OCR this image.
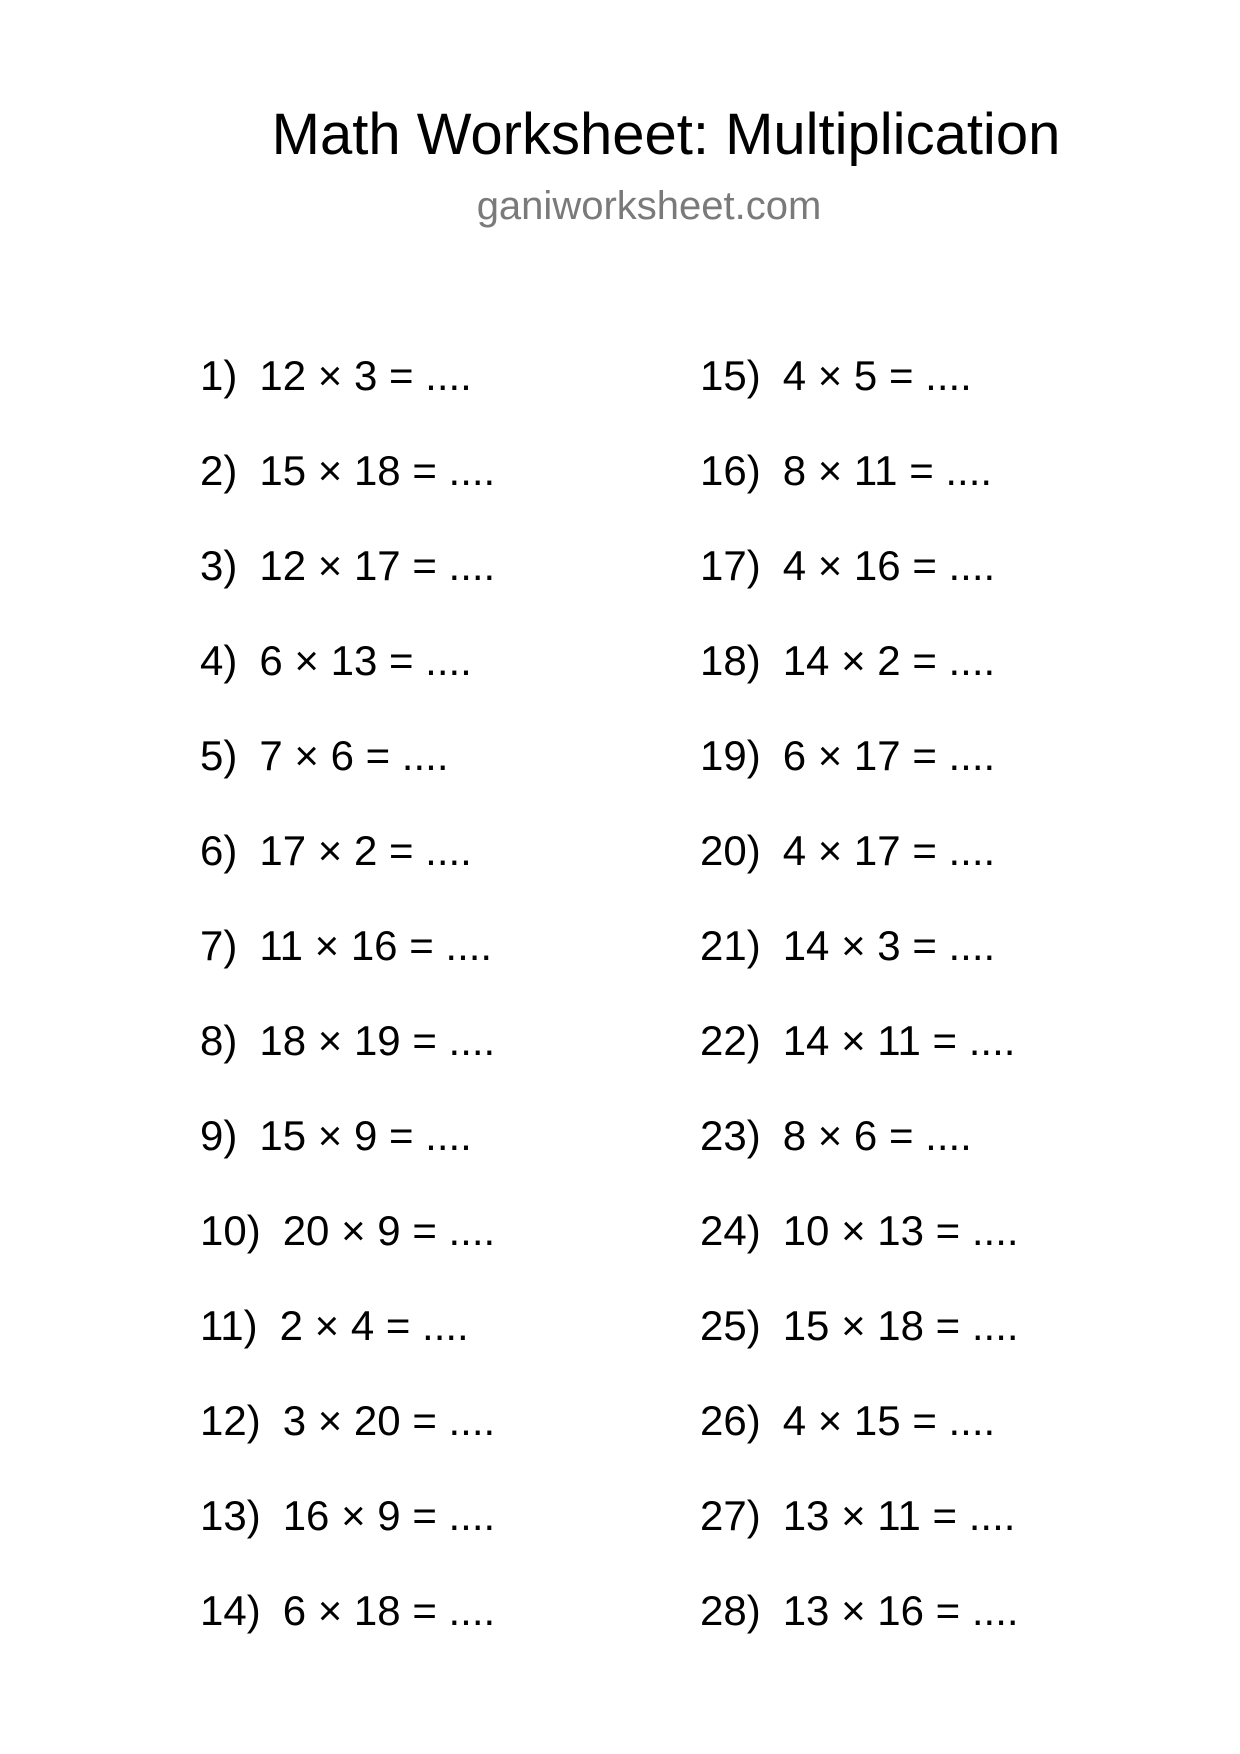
Math Worksheet: Multiplication
ganiworksheet.com
1) 12 × 3 = ....
2) 15 × 18 = ....
3) 12 × 17 = ....
4) 6 × 13 = ....
5) 7 × 6 = ....
6) 17 × 2 = ....
7) 11 × 16 = ....
8) 18 × 19 = ....
9) 15 × 9 = ....
10) 20 × 9 = ....
11) 2 × 4 = ....
12) 3 × 20 = ....
13) 16 × 9 = ....
14) 6 × 18 = ....
15) 4 × 5 = ....
16) 8 × 11 = ....
17) 4 × 16 = ....
18) 14 × 2 = ....
19) 6 × 17 = ....
20) 4 × 17 = ....
21) 14 × 3 = ....
22) 14 × 11 = ....
23) 8 × 6 = ....
24) 10 × 13 = ....
25) 15 × 18 = ....
26) 4 × 15 = ....
27) 13 × 11 = ....
28) 13 × 16 = ....
